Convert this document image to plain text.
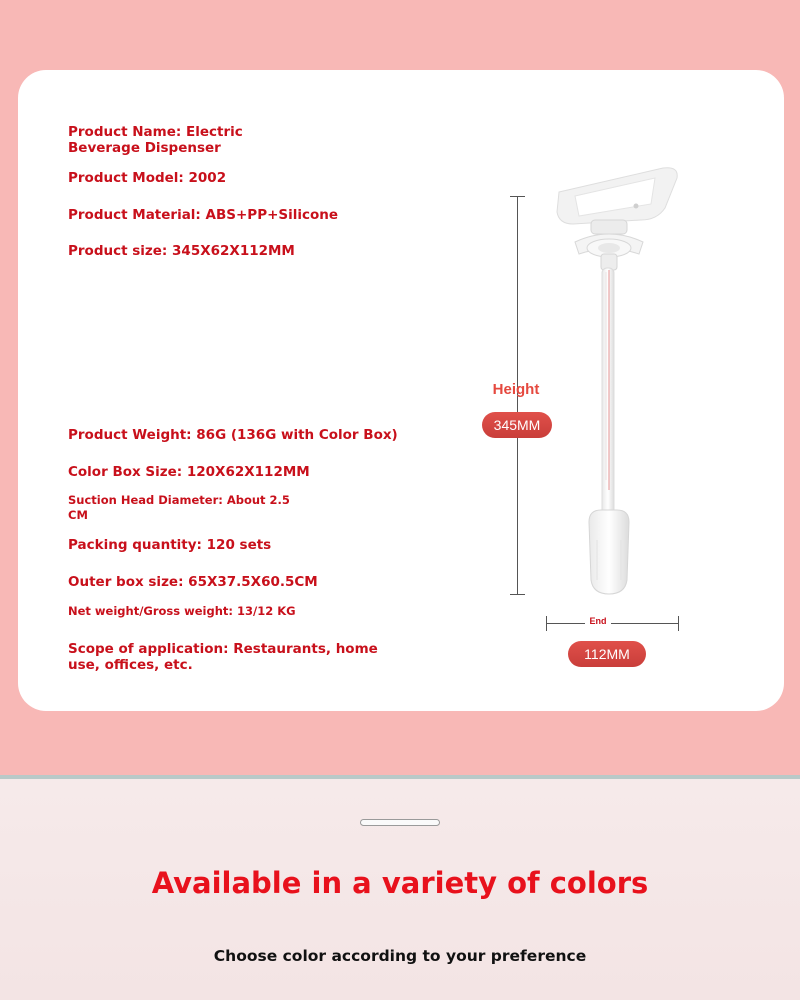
Product Name: Electric Beverage Dispenser
Product Model: 2002
Product Material: ABS+PP+Silicone
Product size: 345X62X112MM
Product Weight: 86G (136G with Color Box)
Color Box Size: 120X62X112MM
Suction Head Diameter: About 2.5 CM
Packing quantity: 120 sets
Outer box size: 65X37.5X60.5CM
Net weight/Gross weight: 13/12 KG
Scope of application: Restaurants, home use, offices, etc.
Height
345MM
End
112MM
Available in a variety of colors
Choose color according to your preference
